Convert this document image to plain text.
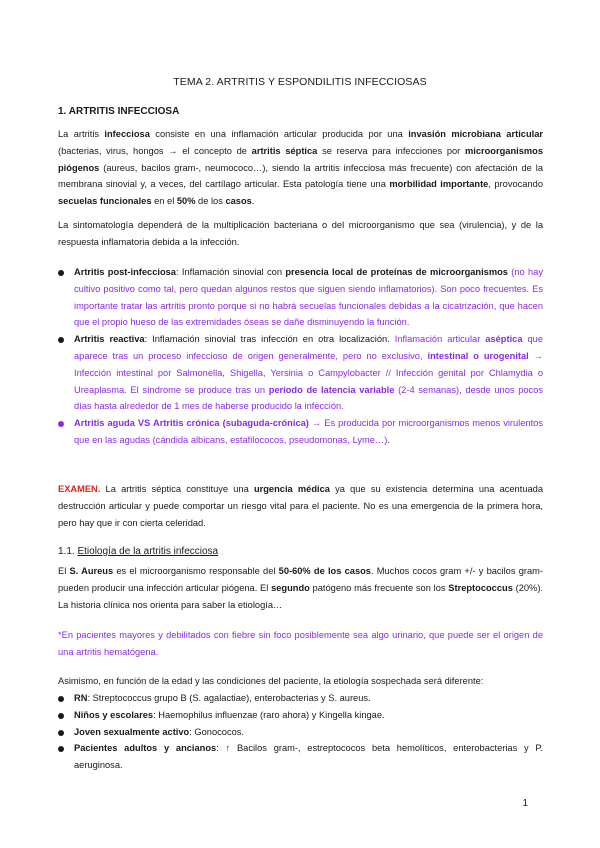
TEMA 2. ARTRITIS Y ESPONDILITIS INFECCIOSAS
1. ARTRITIS INFECCIOSA
La artritis infecciosa consiste en una inflamación articular producida por una invasión microbiana articular (bacterias, virus, hongos → el concepto de artritis séptica se reserva para infecciones por microorganismos piógenos (aureus, bacilos gram-, neumococo…), siendo la artritis infecciosa más frecuente) con afectación de la membrana sinovial y, a veces, del cartílago articular. Esta patología tiene una morbilidad importante, provocando secuelas funcionales en el 50% de los casos.
La sintomatología dependerá de la multiplicación bacteriana o del microorganismo que sea (virulencia), y de la respuesta inflamatoria debida a la infección.
Artritis post-infecciosa: Inflamación sinovial con presencia local de proteínas de microorganismos (no hay cultivo positivo como tal, pero quedan algunos restos que siguen siendo inflamatorios). Son poco frecuentes. Es importante tratar las artritis pronto porque si no habrá secuelas funcionales debidas a la cicatrización, que hacen que el propio hueso de las extremidades óseas se dañe disminuyendo la función.
Artritis reactiva: Inflamación sinovial tras infección en otra localización. Inflamación articular aséptica que aparece tras un proceso infeccioso de origen generalmente, pero no exclusivo, intestinal o urogenital → Infección intestinal por Salmonella, Shigella, Yersinia o Campylobacter // Infección genital por Chlamydia o Ureaplasma. El síndrome se produce tras un periodo de latencia variable (2-4 semanas), desde unos pocos días hasta alrededor de 1 mes de haberse producido la infección.
Artritis aguda VS Artritis crónica (subaguda-crónica) → Es producida por microorganismos menos virulentos que en las agudas (cándida albicans, estafilococos, pseudomonas, Lyme…).
EXAMEN. La artritis séptica constituye una urgencia médica ya que su existencia determina una acentuada destrucción articular y puede comportar un riesgo vital para el paciente. No es una emergencia de la primera hora, pero hay que ir con cierta celeridad.
1.1. Etiología de la artritis infecciosa
El S. Aureus es el microorganismo responsable del 50-60% de los casos. Muchos cocos gram +/- y bacilos gram- pueden producir una infección articular piógena. El segundo patógeno más frecuente son los Streptococcus (20%). La historia clínica nos orienta para saber la etiología…
*En pacientes mayores y debilitados con fiebre sin foco posiblemente sea algo urinario, que puede ser el origen de una artritis hematógena.
Asimismo, en función de la edad y las condiciones del paciente, la etiología sospechada será diferente:
RN: Streptococcus grupo B (S. agalactiae), enterobacterias y S. aureus.
Niños y escolares: Haemophilus influenzae (raro ahora) y Kingella kingae.
Joven sexualmente activo: Gonococos.
Pacientes adultos y ancianos: ↑ Bacilos gram-, estreptococos beta hemolíticos, enterobacterias y P. aeruginosa.
1
